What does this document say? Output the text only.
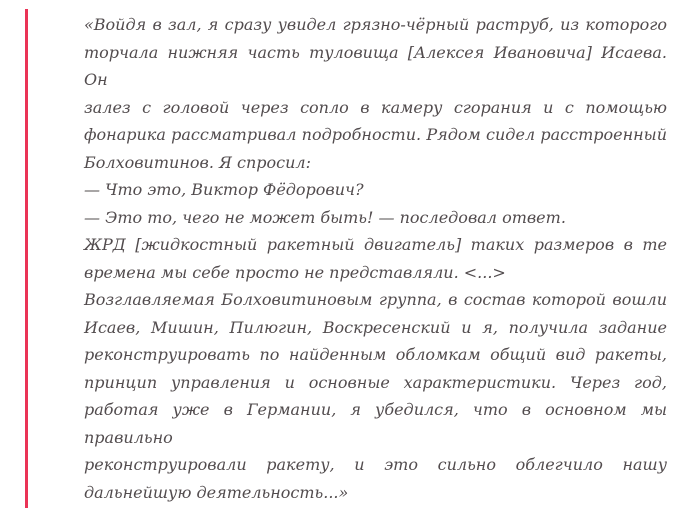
«Войдя в зал, я сразу увидел грязно-чёрный раструб, из которого
торчала нижняя часть туловища [Алексея Ивановича] Исаева. Он
залез с головой через сопло в камеру сгорания и с помощью
фонарика рассматривал подробности. Рядом сидел расстроенный
Болховитинов. Я спросил:
— Что это, Виктор Фёдорович?
— Это то, чего не может быть! — последовал ответ.
ЖРД [жидкостный ракетный двигатель] таких размеров в те
времена мы себе просто не представляли. <...>
Возглавляемая Болховитиновым группа, в состав которой вошли
Исаев, Мишин, Пилюгин, Воскресенский и я, получила задание
реконструировать по найденным обломкам общий вид ракеты,
принцип управления и основные характеристики. Через год,
работая уже в Германии, я убедился, что в основном мы правильно
реконструировали ракету, и это сильно облегчило нашу
дальнейшую деятельность...»
